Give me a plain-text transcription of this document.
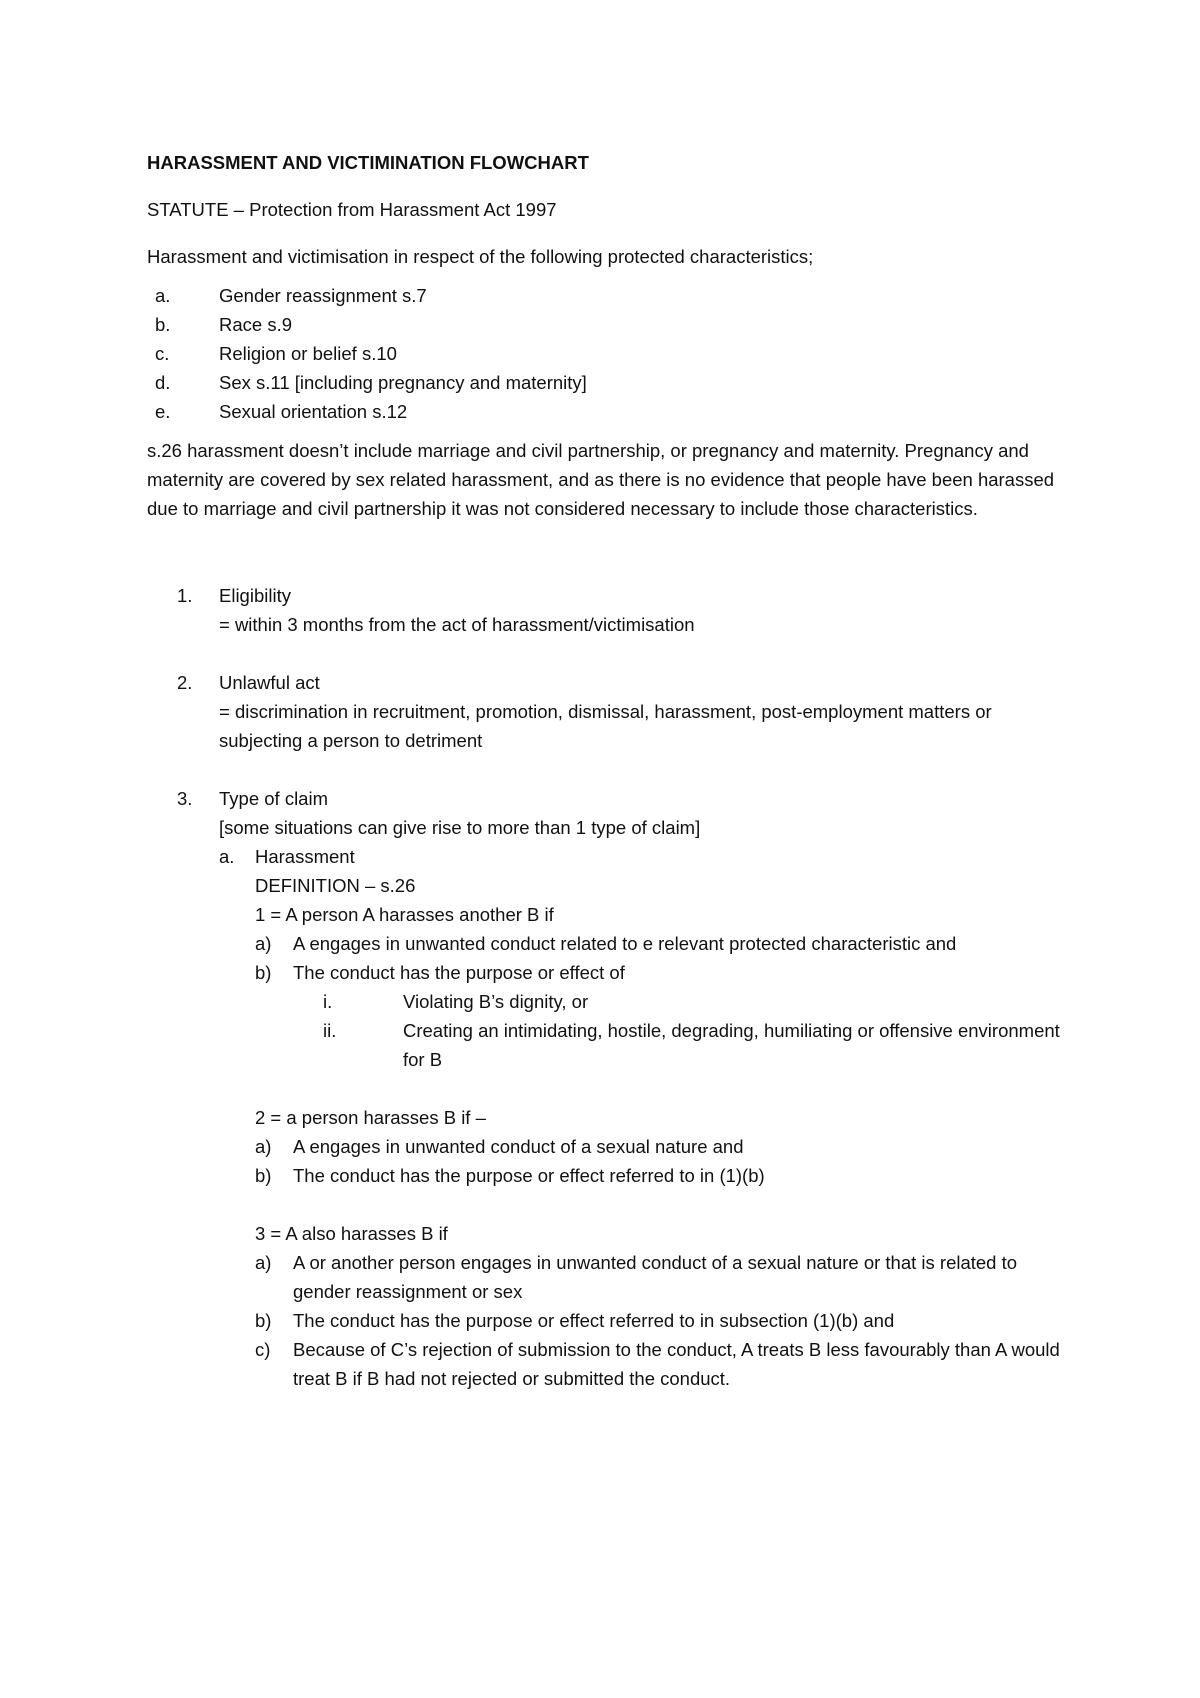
HARASSMENT AND VICTIMINATION FLOWCHART

STATUTE – Protection from Harassment Act 1997

Harassment and victimisation in respect of the following protected characteristics;

a.	Gender reassignment s.7
b.	Race s.9
c.	Religion or belief s.10
d.	Sex s.11 [including pregnancy and maternity]
e.	Sexual orientation s.12

s.26 harassment doesn’t include marriage and civil partnership, or pregnancy and maternity. Pregnancy and maternity are covered by sex related harassment, and as there is no evidence that people have been harassed due to marriage and civil partnership it was not considered necessary to include those characteristics.

1.	Eligibility
= within 3 months from the act of harassment/victimisation
2.	Unlawful act
= discrimination in recruitment, promotion, dismissal, harassment, post-employment matters or subjecting a person to detriment
3.	Type of claim
[some situations can give rise to more than 1 type of claim]
a.	Harassment
DEFINITION – s.26
1 = A person A harasses another B if
a)	A engages in unwanted conduct related to e relevant protected characteristic and
b)	The conduct has the purpose or effect of
i.	Violating B’s dignity, or
ii.	Creating an intimidating, hostile, degrading, humiliating or offensive environment for B
2 = a person harasses B if –
a)	A engages in unwanted conduct of a sexual nature and
b)	The conduct has the purpose or effect referred to in (1)(b)
3 = A also harasses B if
a)	A or another person engages in unwanted conduct of a sexual nature or that is related to gender reassignment or sex
b)	The conduct has the purpose or effect referred to in subsection (1)(b) and
c)	Because of C’s rejection of submission to the conduct, A treats B less favourably than A would treat B if B had not rejected or submitted the conduct.
